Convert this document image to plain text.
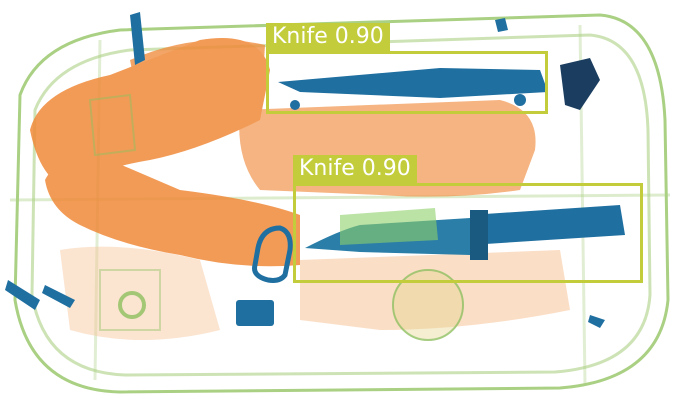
Knife 0.90
Knife 0.90
